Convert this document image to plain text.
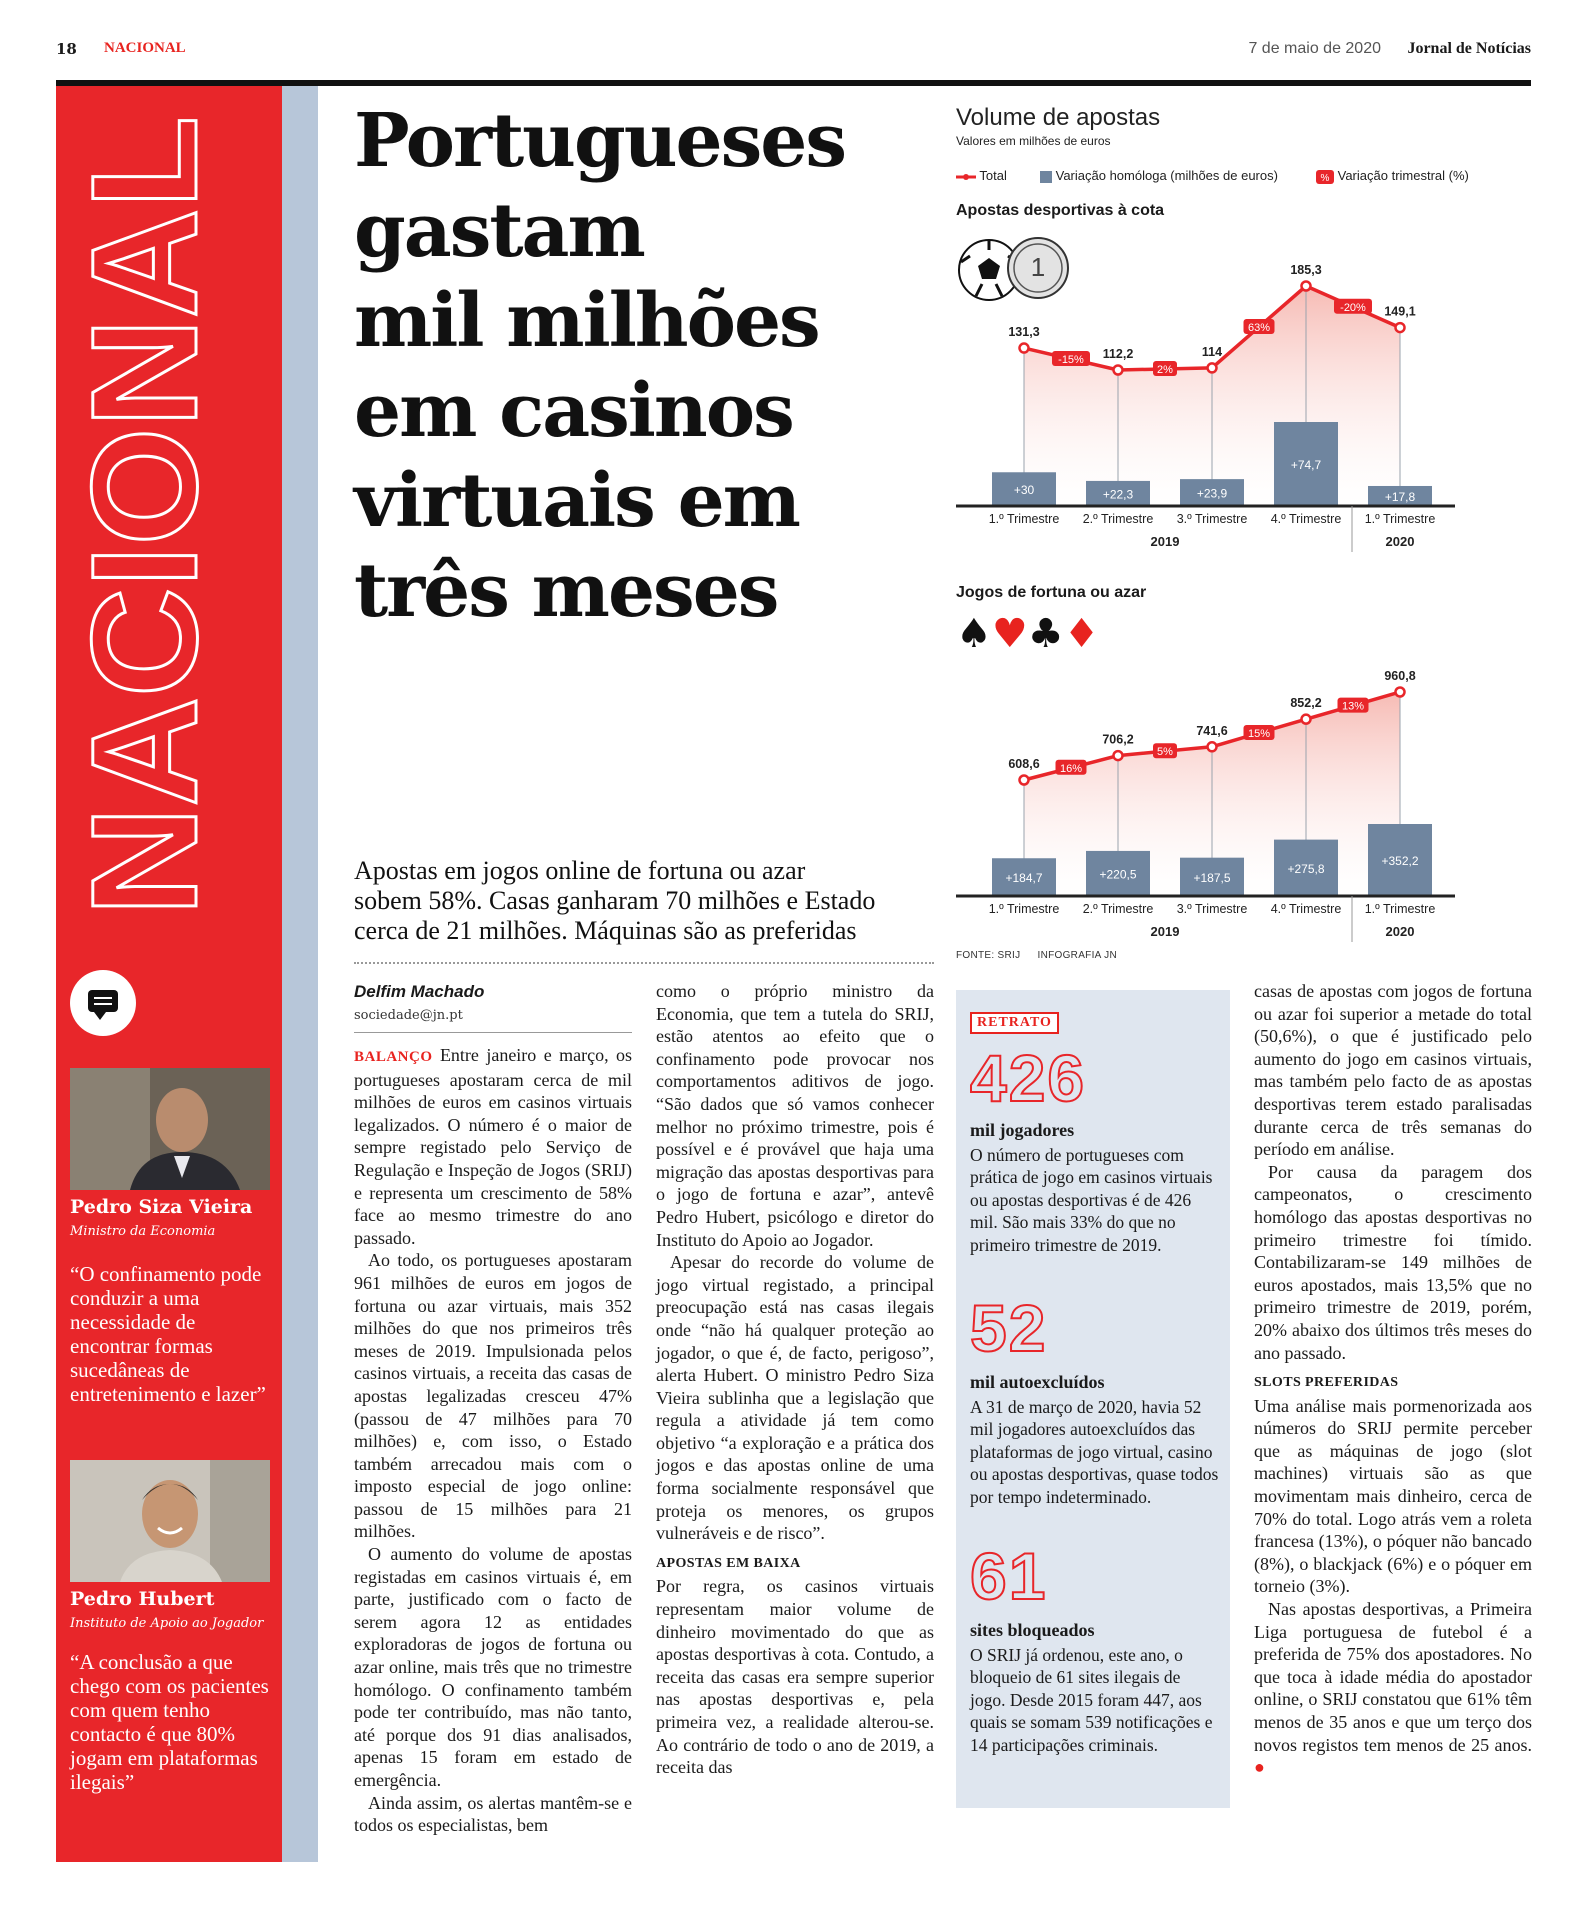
18 NACIONAL	7 de maio de 2020 Jornal de Notícias
NACIONAL
Pedro Siza Vieira
Ministro da Economia
“O confinamento pode conduzir a uma necessidade de encontrar formas sucedâneas de entretenimento e lazer”
Pedro Hubert
Instituto de Apoio ao Jogador
“A conclusão a que chego com os pacientes com quem tenho contacto é que 80% jogam em plataformas ilegais”
Portugueses
gastam
mil milhões
em casinos
virtuais em
três meses
Apostas em jogos online de fortuna ou azar
sobem 58%. Casas ganharam 70 milhões e Estado
cerca de 21 milhões. Máquinas são as preferidas
Delfim Machado
sociedade@jn.pt

BALANÇO Entre janeiro e março, os portugueses apostaram cerca de mil milhões de euros em casinos virtuais legalizados. O número é o maior de sempre registado pelo Serviço de Regulação e Inspeção de Jogos (SRIJ) e representa um crescimento de 58% face ao mesmo trimestre do ano passado.

Ao todo, os portugueses apostaram 961 milhões de euros em jogos de fortuna ou azar virtuais, mais 352 milhões do que nos primeiros três meses de 2019. Impulsionada pelos casinos virtuais, a receita das casas de apostas legalizadas cresceu 47% (passou de 47 milhões para 70 milhões) e, com isso, o Estado também arrecadou mais com o imposto especial de jogo online: passou de 15 milhões para 21 milhões.

O aumento do volume de apostas registadas em casinos virtuais é, em parte, justificado com o facto de serem agora 12 as entidades exploradoras de jogos de fortuna ou azar online, mais três que no trimestre homólogo. O confinamento também pode ter contribuído, mas não tanto, até porque dos 91 dias analisados, apenas 15 foram em estado de emergência.

Ainda assim, os alertas mantêm-se e todos os especialistas, bem

como o próprio ministro da Economia, que tem a tutela do SRIJ, estão atentos ao efeito que o confinamento pode provocar nos comportamentos aditivos de jogo. “São dados que só vamos conhecer melhor no próximo trimestre, pois é possível e é provável que haja uma migração das apostas desportivas para o jogo de fortuna e azar”, antevê Pedro Hubert, psicólogo e diretor do Instituto do Apoio ao Jogador.

Apesar do recorde do volume de jogo virtual registado, a principal preocupação está nas casas ilegais onde “não há qualquer proteção ao jogador, o que é, de facto, perigoso”, alerta Hubert. O ministro Pedro Siza Vieira sublinha que a legislação que regula a atividade já tem como objetivo “a exploração e a prática dos jogos e das apostas online de uma forma socialmente responsável que proteja os menores, os grupos vulneráveis e de risco”.

APOSTAS EM BAIXA

Por regra, os casinos virtuais representam maior volume de dinheiro movimentado do que as apostas desportivas à cota. Contudo, a receita das casas era sempre superior nas apostas desportivas e, pela primeira vez, a realidade alterou-se. Ao contrário de todo o ano de 2019, a receita das

RETRATO
426
mil jogadores
O número de portugueses com prática de jogo em casinos virtuais ou apostas desportivas é de 426 mil. São mais 33% do que no primeiro trimestre de 2019.
52
mil autoexcluídos
A 31 de março de 2020, havia 52 mil jogadores autoexcluídos das plataformas de jogo virtual, casino ou apostas desportivas, quase todos por tempo indeterminado.
61
sites bloqueados
O SRIJ já ordenou, este ano, o bloqueio de 61 sites ilegais de jogo. Desde 2015 foram 447, aos quais se somam 539 notificações e 14 participações criminais.

casas de apostas com jogos de fortuna ou azar foi superior a metade do total (50,6%), o que é justificado pelo aumento do jogo em casinos virtuais, mas também pelo facto de as apostas desportivas terem estado paralisadas durante cerca de três semanas do período em análise.

Por causa da paragem dos campeonatos, o crescimento homólogo das apostas desportivas no primeiro trimestre foi tímido. Contabilizaram-se 149 milhões de euros apostados, mais 13,5% que no primeiro trimestre de 2019, porém, 20% abaixo dos últimos três meses do ano passado.

SLOTS PREFERIDAS

Uma análise mais pormenorizada aos números do SRIJ permite perceber que as máquinas de jogo (slot machines) virtuais são as que movimentam mais dinheiro, cerca de 70% do total. Logo atrás vem a roleta francesa (13%), o póquer não bancado (8%), o blackjack (6%) e o póquer em torneio (3%).

Nas apostas desportivas, a Primeira Liga portuguesa de futebol é a preferida de 75% dos apostadores. No que toca à idade média do apostador online, o SRIJ constatou que 61% têm menos de 35 anos e que um terço dos novos registos tem menos de 25 anos. ●

Volume de apostas
Valores em milhões de euros
Total	Variação homóloga (milhões de euros)	% Variação trimestral (%)
Apostas desportivas à cota
1
+30	+22,3	+23,9
+74,7
+17,8
131,3
112,2	114
185,3
149,1
-15%
2%
63%
-20%
1.º Trimestre 2.º Trimestre 3.º Trimestre 4.º Trimestre 1.º Trimestre
2019	2020
Jogos de fortuna ou azar
♠♥♣♦
+184,7	+220,5	+187,5
+275,8
+352,2
608,6
706,2
741,6
852,2
960,8
16%
5%
15%
13%
1.º Trimestre 2.º Trimestre 3.º Trimestre 4.º Trimestre 1.º Trimestre
2019	2020
FONTE: SRIJ INFOGRAFIA JN
